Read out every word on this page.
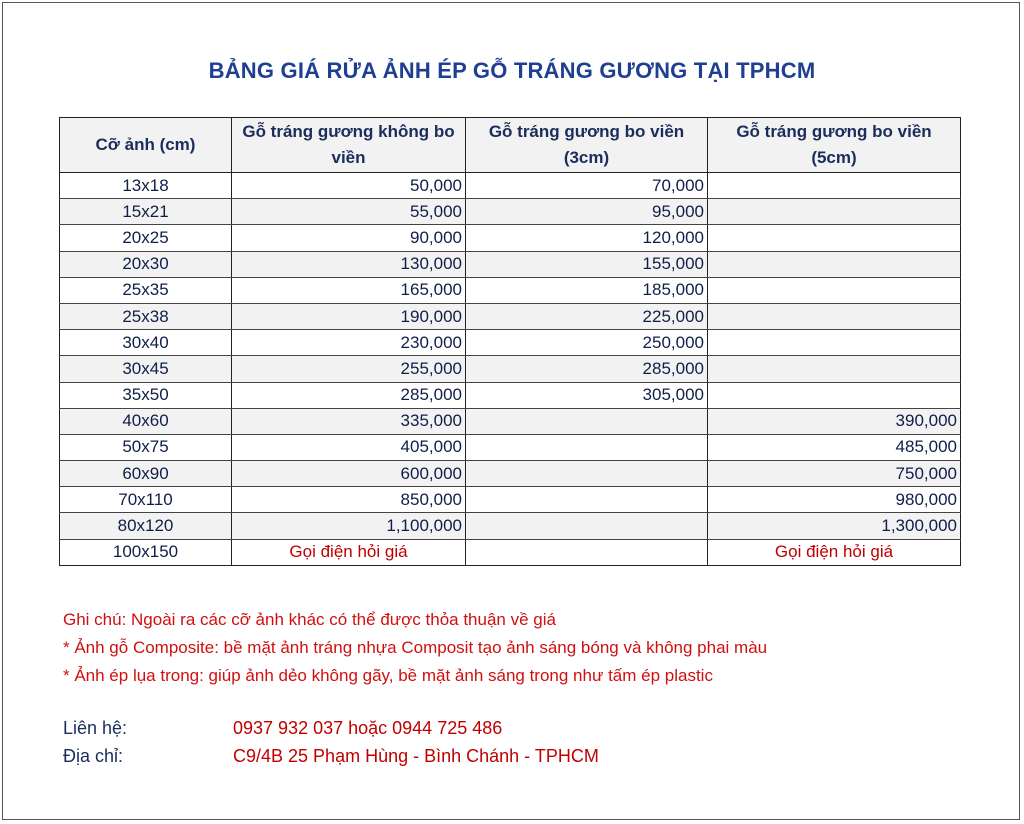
BẢNG GIÁ RỬA ẢNH ÉP GỖ TRÁNG GƯƠNG TẠI TPHCM
Cỡ ảnh (cm)	Gỗ tráng gương không bo viền	Gỗ tráng gương bo viền (3cm)	Gỗ tráng gương bo viền (5cm)
13x18	50,000	70,000	
15x21	55,000	95,000	
20x25	90,000	120,000	
20x30	130,000	155,000	
25x35	165,000	185,000	
25x38	190,000	225,000	
30x40	230,000	250,000	
30x45	255,000	285,000	
35x50	285,000	305,000	
40x60	335,000		390,000
50x75	405,000		485,000
60x90	600,000		750,000
70x110	850,000		980,000
80x120	1,100,000		1,300,000
100x150	Gọi điện hỏi giá		Gọi điện hỏi giá
Ghi chú: Ngoài ra các cỡ ảnh khác có thể được thỏa thuận về giá
* Ảnh gỗ Composite: bề mặt ảnh tráng nhựa Composit tạo ảnh sáng bóng và không phai màu
* Ảnh ép lụa trong: giúp ảnh dẻo không gãy, bề mặt ảnh sáng trong như tấm ép plastic
Liên hệ:	0937 932 037 hoặc 0944 725 486
Địa chỉ:	C9/4B 25 Phạm Hùng - Bình Chánh - TPHCM
